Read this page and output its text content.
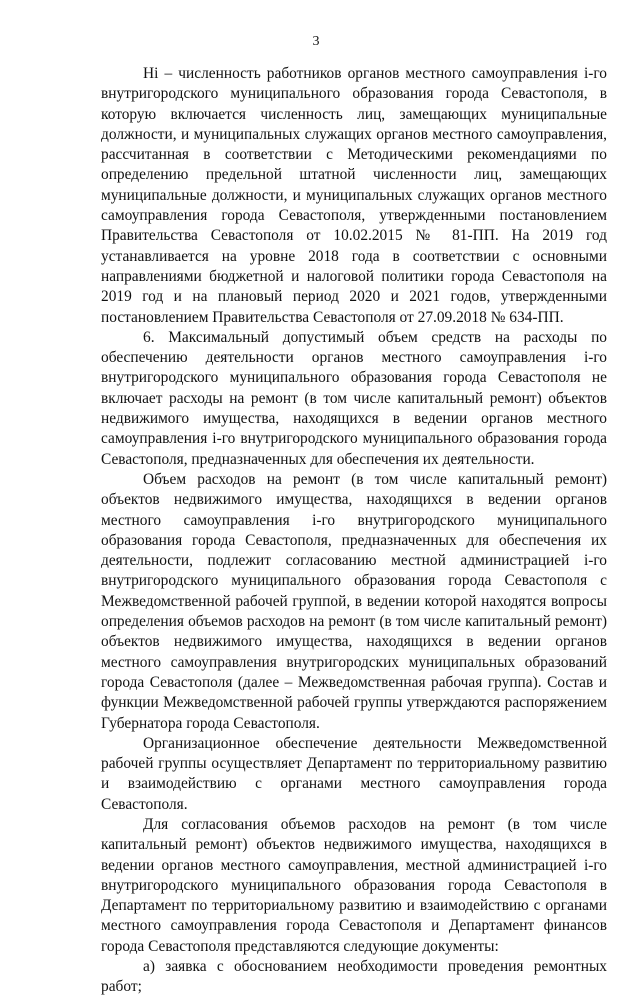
3

Нi – численность работников органов местного самоуправления i-го внутригородского муниципального образования города Севастополя, в которую включается численность лиц, замещающих муниципальные должности, и муниципальных служащих органов местного самоуправления, рассчитанная в соответствии с Методическими рекомендациями по определению предельной штатной численности лиц, замещающих муниципальные должности, и муниципальных служащих органов местного самоуправления города Севастополя, утвержденными постановлением Правительства Севастополя от 10.02.2015 № 81-ПП. На 2019 год устанавливается на уровне 2018 года в соответствии с основными направлениями бюджетной и налоговой политики города Севастополя на 2019 год и на плановый период 2020 и 2021 годов, утвержденными постановлением Правительства Севастополя от 27.09.2018 № 634-ПП.

6. Максимальный допустимый объем средств на расходы по обеспечению деятельности органов местного самоуправления i-го внутригородского муниципального образования города Севастополя не включает расходы на ремонт (в том числе капитальный ремонт) объектов недвижимого имущества, находящихся в ведении органов местного самоуправления i-го внутригородского муниципального образования города Севастополя, предназначенных для обеспечения их деятельности.

Объем расходов на ремонт (в том числе капитальный ремонт) объектов недвижимого имущества, находящихся в ведении органов местного самоуправления i-го внутригородского муниципального образования города Севастополя, предназначенных для обеспечения их деятельности, подлежит согласованию местной администрацией i-го внутригородского муниципального образования города Севастополя с Межведомственной рабочей группой, в ведении которой находятся вопросы определения объемов расходов на ремонт (в том числе капитальный ремонт) объектов недвижимого имущества, находящихся в ведении органов местного самоуправления внутригородских муниципальных образований города Севастополя (далее – Межведомственная рабочая группа). Состав и функции Межведомственной рабочей группы утверждаются распоряжением Губернатора города Севастополя.

Организационное обеспечение деятельности Межведомственной рабочей группы осуществляет Департамент по территориальному развитию и взаимодействию с органами местного самоуправления города Севастополя.

Для согласования объемов расходов на ремонт (в том числе капитальный ремонт) объектов недвижимого имущества, находящихся в ведении органов местного самоуправления, местной администрацией i-го внутригородского муниципального образования города Севастополя в Департамент по территориальному развитию и взаимодействию с органами местного самоуправления города Севастополя и Департамент финансов города Севастополя представляются следующие документы:

а) заявка с обоснованием необходимости проведения ремонтных работ;
